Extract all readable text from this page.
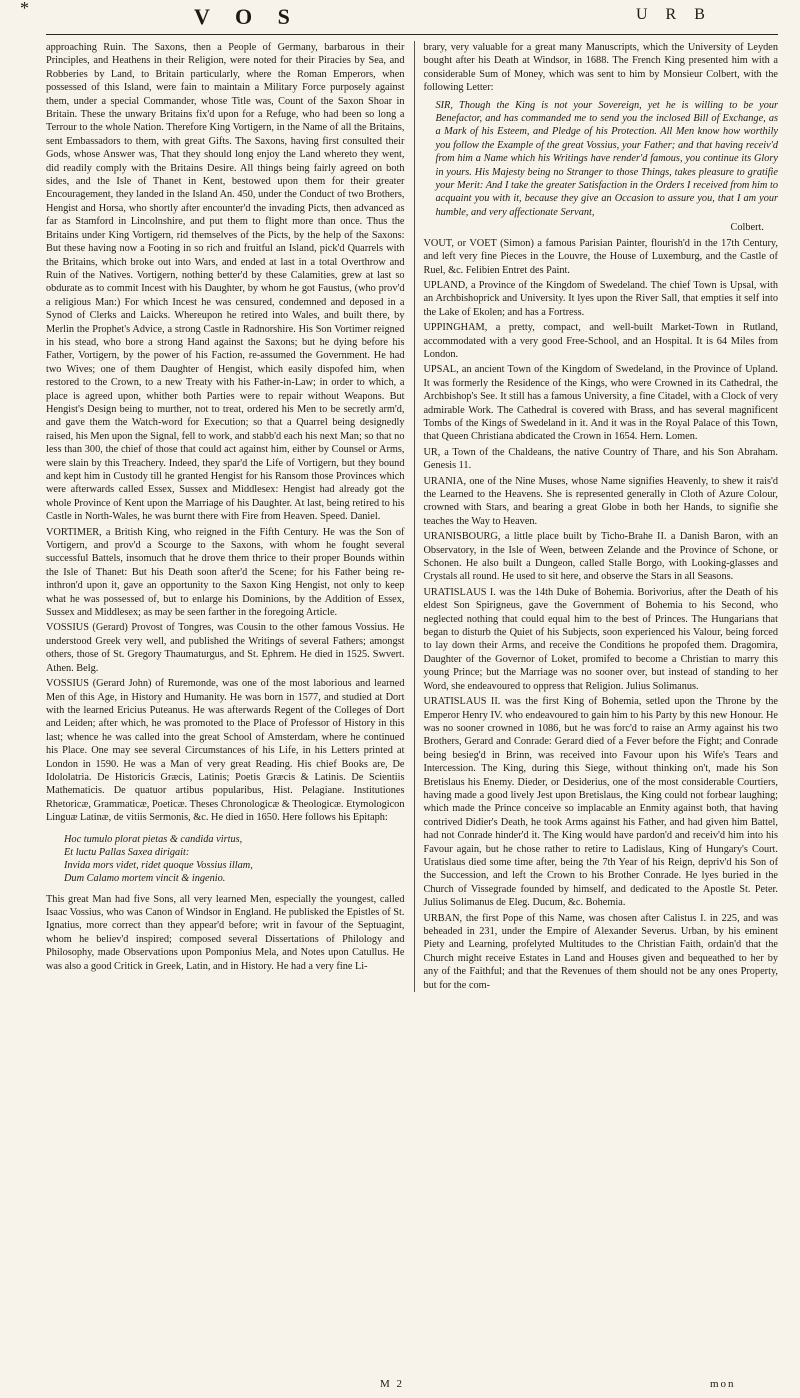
*	V O S	U R B

approaching Ruin. The Saxons, then a People of Germany, barbarous in their Principles, and Heathens in their Religion, were noted for their Piracies by Sea, and Robberies by Land, to Britain particularly, where the Roman Emperors, when possessed of this Island, were fain to maintain a Military Force purposely against them, under a special Commander, whose Title was, Count of the Saxon Shoar in Britain. These the unwary Britains fix'd upon for a Refuge, who had been so long a Terrour to the whole Nation. Therefore King Vortigern, in the Name of all the Britains, sent Embassadors to them, with great Gifts. The Saxons, having first consulted their Gods, whose Answer was, That they should long enjoy the Land whereto they went, did readily comply with the Britains Desire. All things being fairly agreed on both sides, and the Isle of Thanet in Kent, bestowed upon them for their greater Encouragement, they landed in the Island An. 450, under the Conduct of two Brothers, Hengist and Horsa, who shortly after encounter'd the invading Picts, then advanced as far as Stamford in Lincolnshire, and put them to flight more than once. Thus the Britains under King Vortigern, rid themselves of the Picts, by the help of the Saxons: But these having now a Footing in so rich and fruitful an Island, pick'd Quarrels with the Britains, which broke out into Wars, and ended at last in a total Overthrow and Ruin of the Natives. Vortigern, nothing better'd by these Calamities, grew at last so obdurate as to commit Incest with his Daughter, by whom he got Faustus, (who prov'd a religious Man:) For which Incest he was censured, condemned and deposed in a Synod of Clerks and Laicks. Whereupon he retired into Wales, and built there, by Merlin the Prophet's Advice, a strong Castle in Radnorshire. His Son Vortimer reigned in his stead, who bore a strong Hand against the Saxons; but he dying before his Father, Vortigern, by the power of his Faction, re-assumed the Government. He had two Wives; one of them Daughter of Hengist, which easily dispofed him, when restored to the Crown, to a new Treaty with his Father-in-Law; in order to which, a place is agreed upon, whither both Parties were to repair without Weapons. But Hengist's Design being to murther, not to treat, ordered his Men to be secretly arm'd, and gave them the Watch-word for Execution; so that a Quarrel being designedly raised, his Men upon the Signal, fell to work, and stabb'd each his next Man; so that no less than 300, the chief of those that could act against him, either by Counsel or Arms, were slain by this Treachery. Indeed, they spar'd the Life of Vortigern, but they bound and kept him in Custody till he granted Hengist for his Ransom those Provinces which were afterwards called Essex, Sussex and Middlesex: Hengist had already got the whole Province of Kent upon the Marriage of his Daughter. At last, being retired to his Castle in North-Wales, he was burnt there with Fire from Heaven. Speed. Daniel.

VORTIMER, a British King, who reigned in the Fifth Century. He was the Son of Vortigern, and prov'd a Scourge to the Saxons, with whom he fought several successful Battels, insomuch that he drove them thrice to their proper Bounds within the Isle of Thanet: But his Death soon after'd the Scene; for his Father being re-inthron'd upon it, gave an opportunity to the Saxon King Hengist, not only to keep what he was possessed of, but to enlarge his Dominions, by the Addition of Essex, Sussex and Middlesex; as may be seen farther in the foregoing Article.

VOSSIUS (Gerard) Provost of Tongres, was Cousin to the other famous Vossius. He understood Greek very well, and published the Writings of several Fathers; amongst others, those of St. Gregory Thaumaturgus, and St. Ephrem. He died in 1525. Swvert. Athen. Belg.

VOSSIUS (Gerard John) of Ruremonde, was one of the most laborious and learned Men of this Age, in History and Humanity. He was born in 1577, and studied at Dort with the learned Ericius Puteanus. He was afterwards Regent of the Colleges of Dort and Leiden; after which, he was promoted to the Place of Professor of History in this last; whence he was called into the great School of Amsterdam, where he continued his Place. One may see several Circumstances of his Life, in his Letters printed at London in 1590. He was a Man of very great Reading. His chief Books are, De Idololatria. De Historicis Græcis, Latinis; Poetis Græcis & Latinis. De Scientiis Mathematicis. De quatuor artibus popularibus, Hist. Pelagiane. Institutiones Rhetoricæ, Grammaticæ, Poeticæ. Theses Chronologicæ & Theologicæ. Etymologicon Linguæ Latinæ, de vitiis Sermonis, &c. He died in 1650. Here follows his Epitaph:

Hoc tumulo plorat pietas & candida virtus,
Et luctu Pallas Saxea dirigait:
Invida mors videt, ridet quoque Vossius illam,
Dum Calamo mortem vincit & ingenio.

This great Man had five Sons, all very learned Men, especially the youngest, called Isaac Vossius, who was Canon of Windsor in England. He publisked the Epistles of St. Ignatius, more correct than they appear'd before; writ in favour of the Septuagint, whom he believ'd inspired; composed several Dissertations of Philology and Philosophy, made Observations upon Pomponius Mela, and Notes upon Catullus. He was also a good Critick in Greek, Latin, and in History. He had a very fine Li-

brary, very valuable for a great many Manuscripts, which the University of Leyden bought after his Death at Windsor, in 1688. The French King presented him with a considerable Sum of Money, which was sent to him by Monsieur Colbert, with the following Letter:

SIR, Though the King is not your Sovereign, yet he is willing to be your Benefactor, and has commanded me to send you the inclosed Bill of Exchange, as a Mark of his Esteem, and Pledge of his Protection. All Men know how worthily you follow the Example of the great Vossius, your Father; and that having receiv'd from him a Name which his Writings have render'd famous, you continue its Glory in yours. His Majesty being no Stranger to those Things, takes pleasure to gratifie your Merit: And I take the greater Satisfaction in the Orders I received from him to acquaint you with it, because they give an Occasion to assure you, that I am your humble, and very affectionate Servant,

Colbert.

VOUT, or VOET (Simon) a famous Parisian Painter, flourish'd in the 17th Century, and left very fine Pieces in the Louvre, the House of Luxemburg, and the Castle of Ruel, &c. Felibien Entret des Paint.

UPLAND, a Province of the Kingdom of Swedeland. The chief Town is Upsal, with an Archbishoprick and University. It lyes upon the River Sall, that empties it self into the Lake of Ekolen; and has a Fortress.

UPPINGHAM, a pretty, compact, and well-built Market-Town in Rutland, accommodated with a very good Free-School, and an Hospital. It is 64 Miles from London.

UPSAL, an ancient Town of the Kingdom of Swedeland, in the Province of Upland. It was formerly the Residence of the Kings, who were Crowned in its Cathedral, the Archbishop's See. It still has a famous University, a fine Citadel, with a Clock of very admirable Work. The Cathedral is covered with Brass, and has several magnificent Tombs of the Kings of Swedeland in it. And it was in the Royal Palace of this Town, that Queen Christiana abdicated the Crown in 1654. Hern. Lomen.

UR, a Town of the Chaldeans, the native Country of Thare, and his Son Abraham. Genesis 11.

URANIA, one of the Nine Muses, whose Name signifies Heavenly, to shew it rais'd the Learned to the Heavens. She is represented generally in Cloth of Azure Colour, crowned with Stars, and bearing a great Globe in both her Hands, to signifie she teaches the Way to Heaven.

URANISBOURG, a little place built by Ticho-Brahe II. a Danish Baron, with an Observatory, in the Isle of Ween, between Zelande and the Province of Schone, or Schonen. He also built a Dungeon, called Stalle Borgo, with Looking-glasses and Crystals all round. He used to sit here, and observe the Stars in all Seasons.

URATISLAUS I. was the 14th Duke of Bohemia. Borivorius, after the Death of his eldest Son Spirigneus, gave the Government of Bohemia to his Second, who neglected nothing that could equal him to the best of Princes. The Hungarians that began to disturb the Quiet of his Subjects, soon experienced his Valour, being forced to lay down their Arms, and receive the Conditions he propofed them. Dragomira, Daughter of the Governor of Loket, promifed to become a Christian to marry this young Prince; but the Marriage was no sooner over, but instead of standing to her Word, she endeavoured to oppress that Religion. Julius Solimanus.

URATISLAUS II. was the first King of Bohemia, setled upon the Throne by the Emperor Henry IV. who endeavoured to gain him to his Party by this new Honour. He was no sooner crowned in 1086, but he was forc'd to raise an Army against his two Brothers, Gerard and Conrade: Gerard died of a Fever before the Fight; and Conrade being besieg'd in Brinn, was received into Favour upon his Wife's Tears and Intercession. The King, during this Siege, without thinking on't, made his Son Bretislaus his Enemy. Dieder, or Desiderius, one of the most considerable Courtiers, having made a good lively Jest upon Bretislaus, the King could not forbear laughing; which made the Prince conceive so implacable an Enmity against both, that having contrived Didier's Death, he took Arms against his Father, and had given him Battel, had not Conrade hinder'd it. The King would have pardon'd and receiv'd him into his Favour again, but he chose rather to retire to Ladislaus, King of Hungary's Court. Uratislaus died some time after, being the 7th Year of his Reign, depriv'd his Son of the Succession, and left the Crown to his Brother Conrade. He lyes buried in the Church of Vissegrade founded by himself, and dedicated to the Apostle St. Peter. Julius Solimanus de Eleg. Ducum, &c. Bohemia.

URBAN, the first Pope of this Name, was chosen after Calistus I. in 225, and was beheaded in 231, under the Empire of Alexander Severus. Urban, by his eminent Piety and Learning, profelyted Multitudes to the Christian Faith, ordain'd that the Church might receive Estates in Land and Houses given and bequeathed to her by any of the Faithful; and that the Revenues of them should not be any ones Property, but for the com-

M 2	mon
